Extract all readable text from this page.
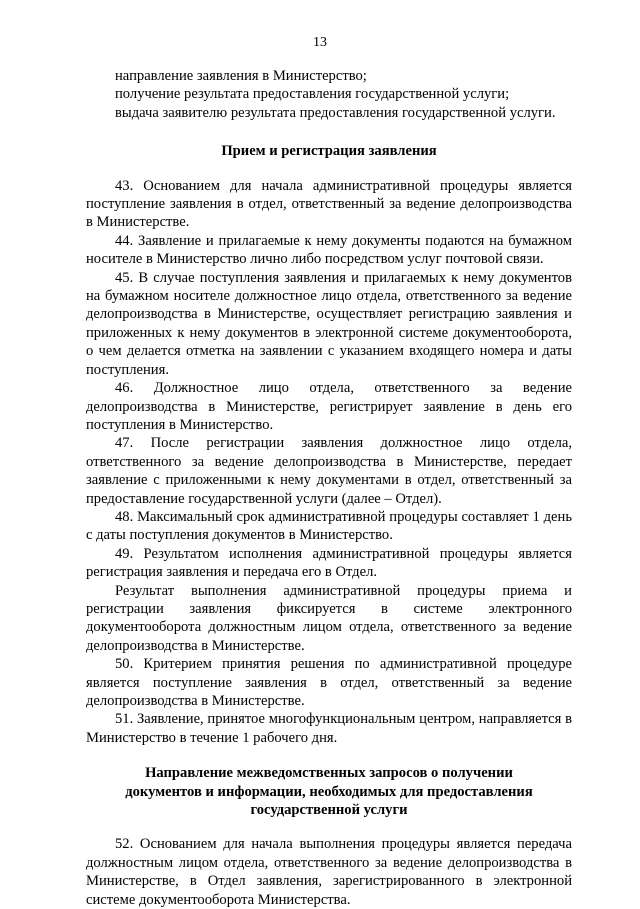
13

направление заявления в Министерство;

получение результата предоставления государственной услуги;

выдача заявителю результата предоставления государственной услуги.

Прием и регистрация заявления

43. Основанием для начала административной процедуры является поступление заявления в отдел, ответственный за ведение делопроизводства в Министерстве.

44. Заявление и прилагаемые к нему документы подаются на бумажном носителе в Министерство лично либо посредством услуг почтовой связи.

45. В случае поступления заявления и прилагаемых к нему документов на бумажном носителе должностное лицо отдела, ответственного за ведение делопроизводства в Министерстве, осуществляет регистрацию заявления и приложенных к нему документов в электронной системе документооборота, о чем делается отметка на заявлении с указанием входящего номера и даты поступления.

46. Должностное лицо отдела, ответственного за ведение делопроизводства в Министерстве, регистрирует заявление в день его поступления в Министерство.

47. После регистрации заявления должностное лицо отдела, ответственного за ведение делопроизводства в Министерстве, передает заявление с приложенными к нему документами в отдел, ответственный за предоставление государственной услуги (далее – Отдел).

48. Максимальный срок административной процедуры составляет 1 день с даты поступления документов в Министерство.

49. Результатом исполнения административной процедуры является регистрация заявления и передача его в Отдел.

Результат выполнения административной процедуры приема и регистрации заявления фиксируется в системе электронного документооборота должностным лицом отдела, ответственного за ведение делопроизводства в Министерстве.

50. Критерием принятия решения по административной процедуре является поступление заявления в отдел, ответственный за ведение делопроизводства в Министерстве.

51. Заявление, принятое многофункциональным центром, направляется в Министерство в течение 1 рабочего дня.

Направление межведомственных запросов о получении
документов и информации, необходимых для предоставления
государственной услуги

52. Основанием для начала выполнения процедуры является передача должностным лицом отдела, ответственного за ведение делопроизводства в Министерстве, в Отдел заявления, зарегистрированного в электронной системе документооборота Министерства.
